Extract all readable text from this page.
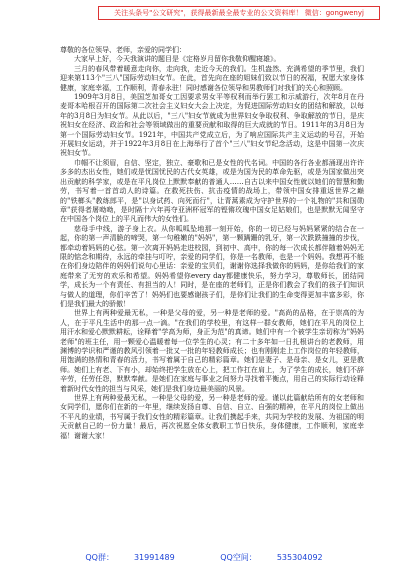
关注头条号"公文研究"，获得最新最全最专业的公文资料库！ 微信：gongwenyj

尊敬的各位领导、老师，亲爱的同学们：

大家早上好，今天我演讲的题目是《定格岁月留你我敬仰醒寝雄》。

三月的春风带着暖意走向你，走向我，走近今天的我们。生机盎然、充满希望的季节里，我们迎来第113个"三八"国际劳动妇女节。在此，首先向在座的姐妹们致以节日的祝福，祝愿大家身体健康，家庭幸福，工作顺利，青春永驻！同时感谢各位领导和男教师们对我们的关心和照顾。

1909年3月8日，美国芝加哥女工因要求男女平等权利而举行罢工和示威游行，次年8月在丹麦哥本哈根召开的国际第二次社会主义妇女大会上决定，为促进国际劳动妇女的团结和解放，以每年的3月8日为妇女节。从此以后，"三八"妇女节就成为世界妇女争取权利、争取解放的节日，是庆祝妇女在经济、政治和社会等领域做出的重要贡献和取得的巨大成就的节日。1911年的3月8日为第一个国际劳动妇女节。1921年，中国共产党成立后，为了响应国际共产主义运动的号召，开始开展妇女运动，并于1922年3月8日在上海举行了首个"三八"妇女节纪念活动，这是中国第一次庆祝妇女节。

巾帼不让须眉，自信、坚定，独立、豪歌和已是女性的代名词。中国的各行各业都涌现出许许多多的杰出女性，她们或是忧国忧民的古代女英雄，或是为国为民的革命先驱，或是为国家做出突出贡献的科学家，或是在平凡岗位上默默奉献的普通人……自古以来中国女性就以她们的智慧和勤劳，书写着一首首动人的诗篇。在救死扶伤、抗击疫情的战场上，带领中国女排重返世界之巅的"铁榔头"教练郎平，是"以身试药、向死而行"，让青蒿素成为守护世界的一个礼物的"共和国勋章"获得者屠呦呦，是时隔十六年再夺亚洲杯冠军的铿锵玫瑰中国女足姑娘们，也是默默无闻坚守在中国各个岗位上的平凡而伟大的女性们。

慈母手中线，游子身上衣。从你呱呱坠地那一刻开始，你的一切已经与妈妈紧紧的结合在一起，你的第一声清脆的啼哭，第一句稚嫩的"妈妈"，第一颗蹒跚的乳牙，第一次跌跌撞撞的步伐，都牵动着妈妈的心弦。第一次离开妈妈走进校园，到初中、高中，你的每一次成长都伴随着妈妈无限的惦念和期待，永远的牵挂与叮咛，亲爱的同学们，你是一名教师，也是一个妈妈。我想再不能在你们身边陪伴的妈妈们说句心里话：亲爱的宝贝们，谢谢你选择我做你的妈妈，是你给我们的家庭带来了无穷的欢乐和希望。妈妈希望你every day都健康快乐，努力学习，尊敬师长，团结同学，成长为一个有责任、有担当的人！同时，是在座的老师们，正是你们教会了我们的孩子们知识与做人的道理，你们辛苦了！妈妈们也要感谢孩子们，是你们让我们的生命变得更加丰富多彩，你们是我们最大的骄傲！

世界上有两种爱最无私，一种是父母的爱，另一种是老师的爱。"高尚的品格，在于崇高的为人，在于平凡生活中的那一点一滴。"在我们的学校里，有这样一群女教师，她们在平凡的岗位上用汗水和爱心默默耕耘，诠释着"学高为师，身正为范"的真谛。她们中有一个被学生亲切称为"妈妈老师"的班主任，用一颗爱心温暖着每一位学生的心灵；有二十多年如一日扎根讲台的老教师，用渊博的学识和严谨的教风引领着一批又一批的年轻教师成长；也有刚刚走上工作岗位的年轻教师，用饱满的热情和青春的活力，书写着属于自己的精彩篇章。她们是妻子、是母亲、是女儿，更是教师。她们上有老、下有小，却始终把学生放在心上，把工作扛在肩上，为了学生的成长，她们不辞辛劳，任劳任怨，默默奉献。是她们在家庭与事业之间努力寻找着平衡点，用自己的实际行动诠释着新时代女性的担当与风采，她们是我们身边最美丽的风景。

世界上有两种爱最无私，一种是父母的爱，另一种是老师的爱。谨以此篇献给所有的女老师和女同学们，愿你们在新的一年里，继续发扬自尊、自信、自立、自强的精神，在平凡的岗位上做出不平凡的业绩，书写属于我们女性的精彩篇章。让我们携起手来，共同为学校的发展、为祖国的明天贡献自己的一份力量！最后，再次祝愿全体女教职工节日快乐，身体健康，工作顺利，家庭幸福！谢谢大家！

QQ群：	31991489	QQ空间：	535304092
